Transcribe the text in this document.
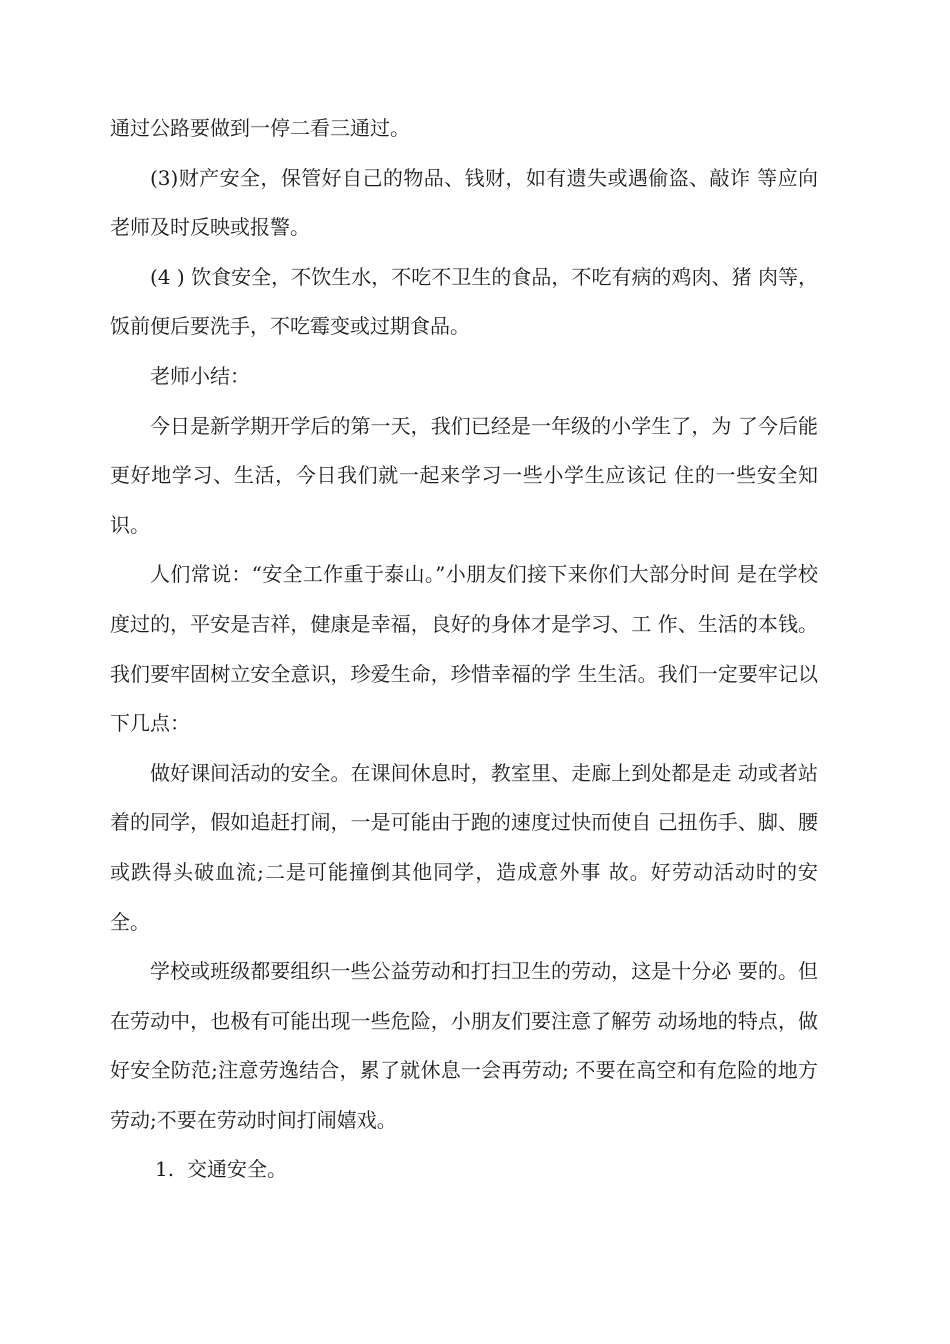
通过公路要做到一停二看三通过。

(3)财产安全，保管好自己的物品、钱财，如有遗失或遇偷盗、敲诈 等应向老师及时反映或报警。

(4 ) 饮食安全，不饮生水，不吃不卫生的食品，不吃有病的鸡肉、猪 肉等，饭前便后要洗手，不吃霉变或过期食品。

老师小结：

今日是新学期开学后的第一天，我们已经是一年级的小学生了，为 了今后能更好地学习、生活，今日我们就一起来学习一些小学生应该记 住的一些安全知识。

人们常说：“安全工作重于泰山。”小朋友们接下来你们大部分时间 是在学校度过的，平安是吉祥，健康是幸福，良好的身体才是学习、工 作、生活的本钱。我们要牢固树立安全意识，珍爱生命，珍惜幸福的学 生生活。我们一定要牢记以下几点：

做好课间活动的安全。在课间休息时，教室里、走廊上到处都是走 动或者站着的同学，假如追赶打闹，一是可能由于跑的速度过快而使自 己扭伤手、脚、腰或跌得头破血流;二是可能撞倒其他同学，造成意外事 故。好劳动活动时的安全。

学校或班级都要组织一些公益劳动和打扫卫生的劳动，这是十分必 要的。但在劳动中，也极有可能出现一些危险，小朋友们要注意了解劳 动场地的特点，做好安全防范;注意劳逸结合，累了就休息一会再劳动; 不要在高空和有危险的地方劳动;不要在劳动时间打闹嬉戏。

1. 交通安全。
